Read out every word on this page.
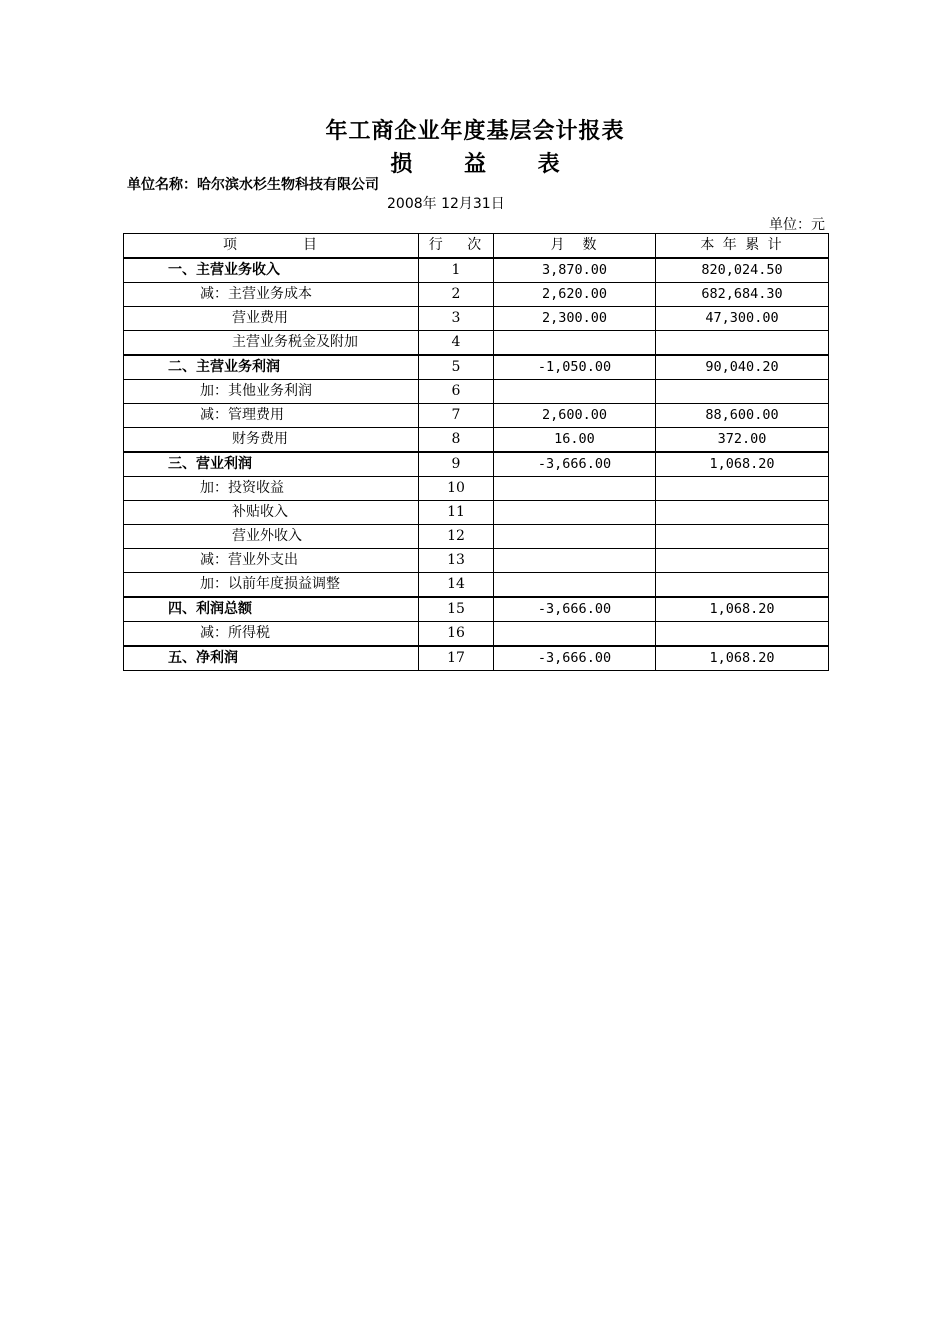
年工商企业年度基层会计报表
损 益 表
单位名称：哈尔滨水杉生物科技有限公司
2008年 12月31日
单位：元
项　　　　目	行　 次	月　数	本 年 累 计
一、主营业务收入	1	3,870.00	820,024.50
减：主营业务成本	2	2,620.00	682,684.30
营业费用	3	2,300.00	47,300.00
主营业务税金及附加	4		
二、主营业务利润	5	-1,050.00	90,040.20
加：其他业务利润	6		
减：管理费用	7	2,600.00	88,600.00
财务费用	8	16.00	372.00
三、营业利润	9	-3,666.00	1,068.20
加：投资收益	10		
补贴收入	11		
营业外收入	12		
减：营业外支出	13		
加：以前年度损益调整	14		
四、利润总额	15	-3,666.00	1,068.20
减：所得税	16		
五、净利润	17	-3,666.00	1,068.20
